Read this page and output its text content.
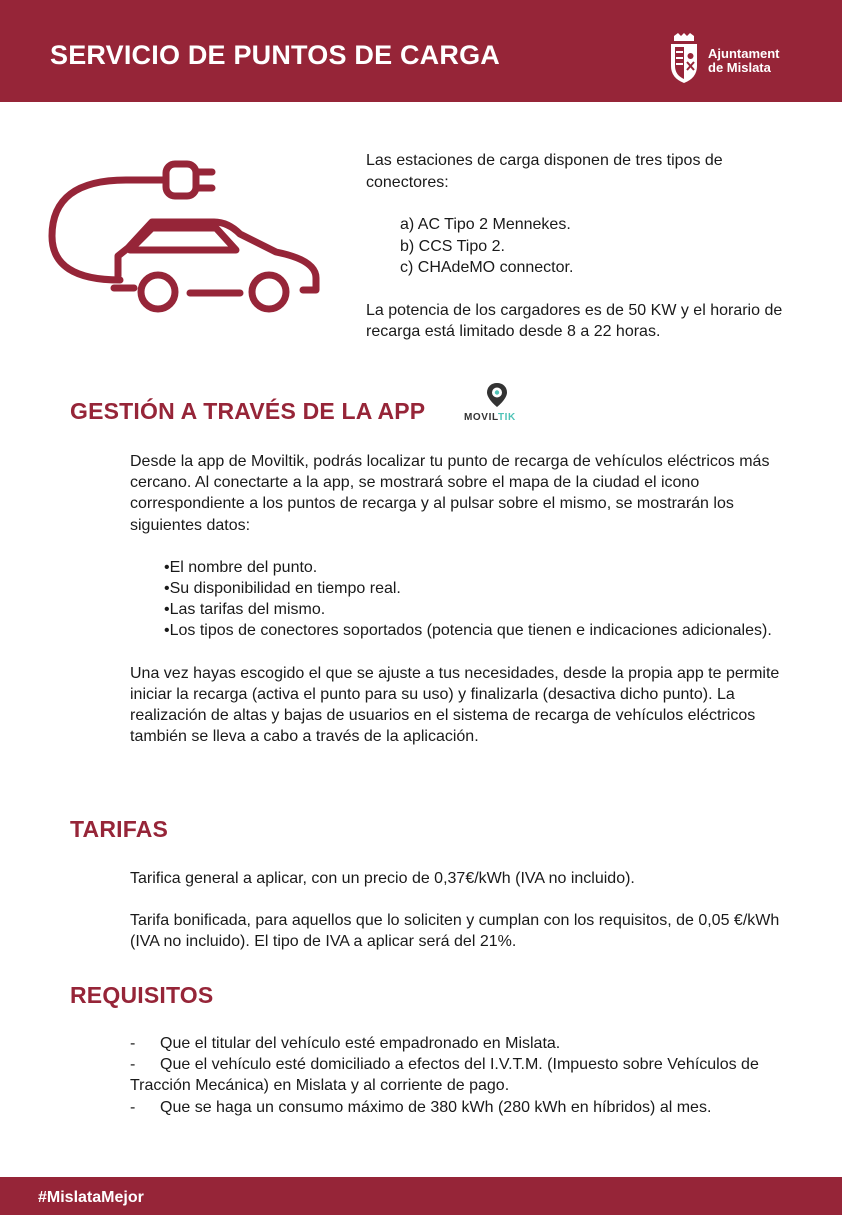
SERVICIO DE PUNTOS DE CARGA	Ajuntament
de Mislata

Las estaciones de carga disponen de tres tipos de conectores:

a) AC Tipo 2 Mennekes.
b) CCS Tipo 2.
c) CHAdeMO connector.

La potencia de los cargadores es de 50 KW y el horario de recarga está limitado desde 8 a 22 horas.

GESTIÓN A TRAVÉS DE LA APP	MOVILTIK

Desde la app de Moviltik, podrás localizar tu punto de recarga de vehículos eléctricos más cercano. Al conectarte a la app, se mostrará sobre el mapa de la ciudad el icono correspondiente a los puntos de recarga y al pulsar sobre el mismo, se mostrarán los siguientes datos:

•El nombre del punto.
•Su disponibilidad en tiempo real.
•Las tarifas del mismo.
•Los tipos de conectores soportados (potencia que tienen e indicaciones adicionales).

Una vez hayas escogido el que se ajuste a tus necesidades, desde la propia app te permite iniciar la recarga (activa el punto para su uso) y finalizarla (desactiva dicho punto). La realización de altas y bajas de usuarios en el sistema de recarga de vehículos eléctricos también se lleva a cabo a través de la aplicación.

TARIFAS

Tarifica general a aplicar, con un precio de 0,37€/kWh (IVA no incluido).

Tarifa bonificada, para aquellos que lo soliciten y cumplan con los requisitos, de 0,05 €/kWh (IVA no incluido). El tipo de IVA a aplicar será del 21%.

REQUISITOS
- Que el titular del vehículo esté empadronado en Mislata.
- Que el vehículo esté domiciliado a efectos del I.V.T.M. (Impuesto sobre Vehículos de Tracción Mecánica) en Mislata y al corriente de pago.
- Que se haga un consumo máximo de 380 kWh (280 kWh en híbridos) al mes.
#MislataMejor
